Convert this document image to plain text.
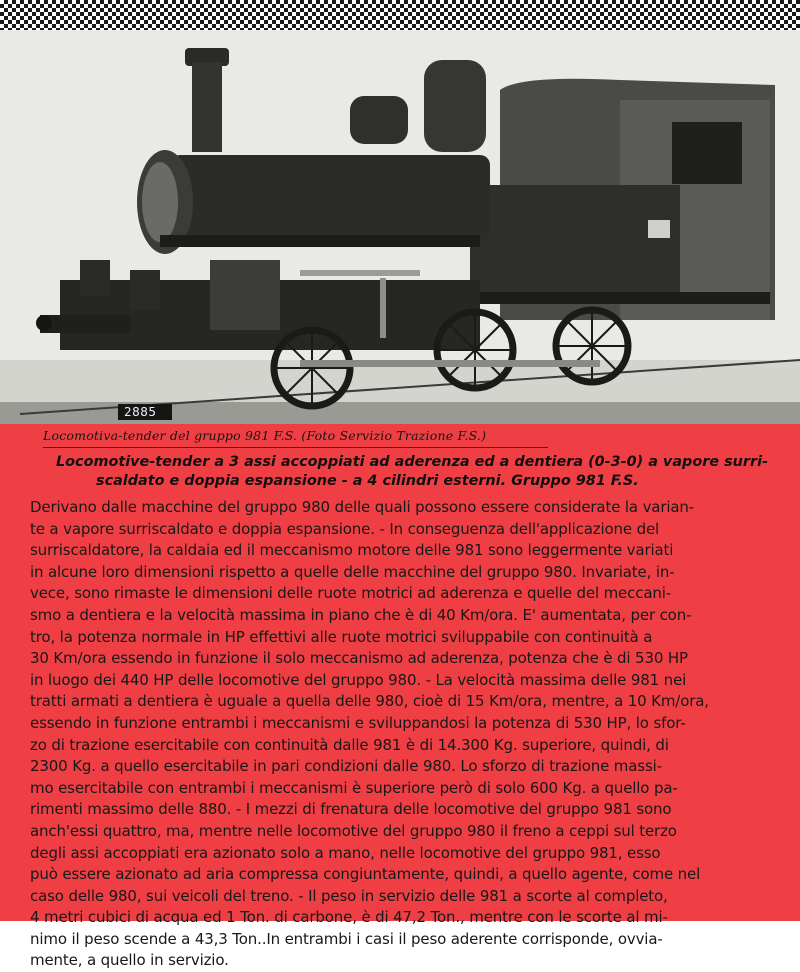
2885
Locomotiva-tender del gruppo 981 F.S. (Foto Servizio Trazione F.S.)
Locomotive-tender a 3 assi accoppiati ad aderenza ed a dentiera (0-3-0) a vapore surri-
scaldato e doppia espansione - a 4 cilindri esterni. Gruppo 981 F.S.
Derivano dalle macchine del gruppo 980 delle quali possono essere considerate la varian-
te a vapore surriscaldato e doppia espansione. - In conseguenza dell'applicazione del
surriscaldatore, la caldaia ed il meccanismo motore delle 981 sono leggermente variati
in alcune loro dimensioni rispetto a quelle delle macchine del gruppo 980. Invariate, in-
vece, sono rimaste le dimensioni delle ruote motrici ad aderenza e quelle del meccani-
smo a dentiera e la velocità massima in piano che è di 40 Km/ora. E' aumentata, per con-
tro, la potenza normale in HP effettivi alle ruote motrici sviluppabile con continuità a
30 Km/ora essendo in funzione il solo meccanismo ad aderenza, potenza che è di 530 HP
in luogo dei 440 HP delle locomotive del gruppo 980. - La velocità massima delle 981 nei
tratti armati a dentiera è uguale a quella delle 980, cioè di 15 Km/ora, mentre, a 10 Km/ora,
essendo in funzione entrambi i meccanismi e sviluppandosi la potenza di 530 HP, lo sfor-
zo di trazione esercitabile con continuità dalle 981 è di 14.300 Kg. superiore, quindi, di
2300 Kg. a quello esercitabile in pari condizioni dalle 980. Lo sforzo di trazione massi-
mo esercitabile con entrambi i meccanismi è superiore però di solo 600 Kg. a quello pa-
rimenti massimo delle 880. - I mezzi di frenatura delle locomotive del gruppo 981 sono
anch'essi quattro, ma, mentre nelle locomotive del gruppo 980 il freno a ceppi sul terzo
degli assi accoppiati era azionato solo a mano, nelle locomotive del gruppo 981, esso
può essere azionato ad aria compressa congiuntamente, quindi, a quello agente, come nel
caso delle 980, sui veicoli del treno. - Il peso in servizio delle 981 a scorte al completo,
4 metri cubici di acqua ed 1 Ton. di carbone, è di 47,2 Ton., mentre con le scorte al mi-
nimo il peso scende a 43,3 Ton..In entrambi i casi il peso aderente corrisponde, ovvia-
mente, a quello in servizio.
